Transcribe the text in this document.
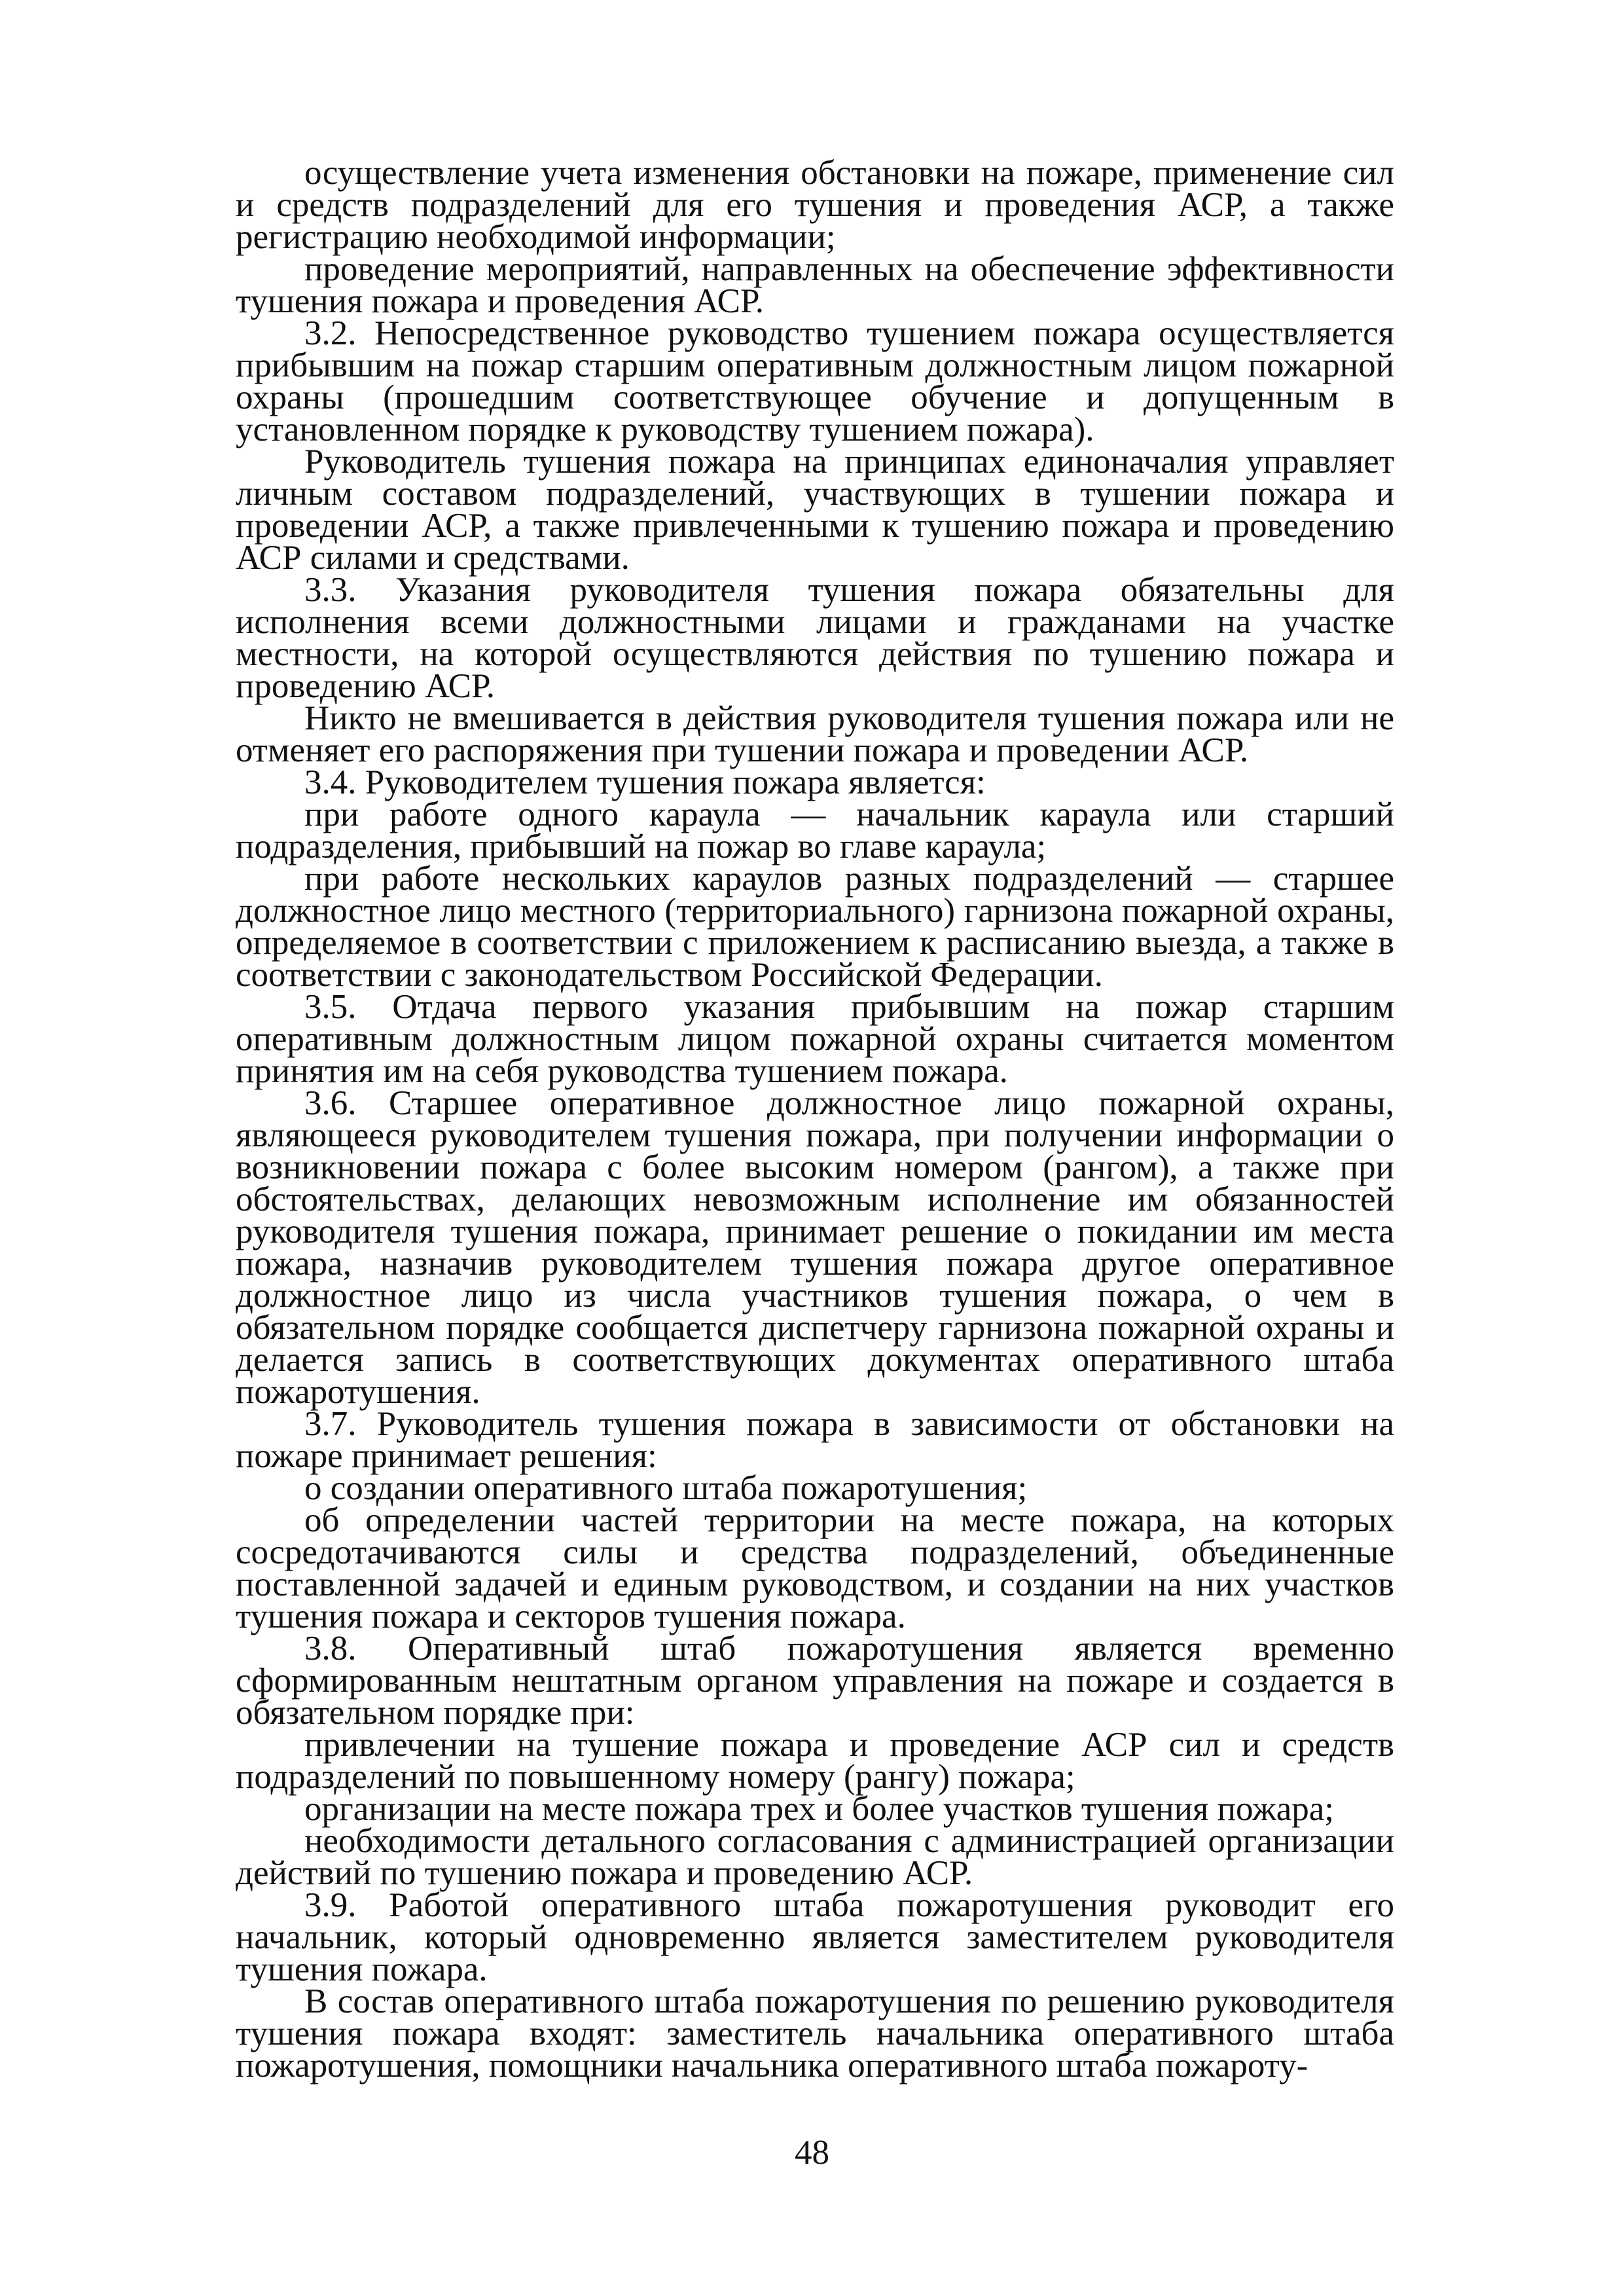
осуществление учета изменения обстановки на пожаре, применение сил и средств подразделений для его тушения и проведения АСР, а также регистрацию необходимой информации;

проведение мероприятий, направленных на обеспечение эффективности тушения пожара и проведения АСР.

3.2. Непосредственное руководство тушением пожара осуществляется прибывшим на пожар старшим оперативным должностным лицом пожарной охраны (прошедшим соответствующее обучение и допущенным в установленном порядке к руководству тушением пожара).

Руководитель тушения пожара на принципах единоначалия управляет личным составом подразделений, участвующих в тушении пожара и проведении АСР, а также привлеченными к тушению пожара и проведению АСР силами и средствами.

3.3. Указания руководителя тушения пожара обязательны для исполнения всеми должностными лицами и гражданами на участке местности, на которой осуществляются действия по тушению пожара и проведению АСР.

Никто не вмешивается в действия руководителя тушения пожара или не отменяет его распоряжения при тушении пожара и проведении АСР.

3.4. Руководителем тушения пожара является:

при работе одного караула — начальник караула или старший подразделения, прибывший на пожар во главе караула;

при работе нескольких караулов разных подразделений — старшее должностное лицо местного (территориального) гарнизона пожарной охраны, определяемое в соответствии с приложением к расписанию выезда, а также в соответствии с законодательством Российской Федерации.

3.5. Отдача первого указания прибывшим на пожар старшим оперативным должностным лицом пожарной охраны считается моментом принятия им на себя руководства тушением пожара.

3.6. Старшее оперативное должностное лицо пожарной охраны, являющееся руководителем тушения пожара, при получении информации о возникновении пожара с более высоким номером (рангом), а также при обстоятельствах, делающих невозможным исполнение им обязанностей руководителя тушения пожара, принимает решение о покидании им места пожара, назначив руководителем тушения пожара другое оперативное должностное лицо из числа участников тушения пожара, о чем в обязательном порядке сообщается диспетчеру гарнизона пожарной охраны и делается запись в соответствующих документах оперативного штаба пожаротушения.

3.7. Руководитель тушения пожара в зависимости от обстановки на пожаре принимает решения:

о создании оперативного штаба пожаротушения;

об определении частей территории на месте пожара, на которых сосредотачиваются силы и средства подразделений, объединенные поставленной задачей и единым руководством, и создании на них участков тушения пожара и секторов тушения пожара.

3.8. Оперативный штаб пожаротушения является временно сформированным нештатным органом управления на пожаре и создается в обязательном порядке при:

привлечении на тушение пожара и проведение АСР сил и средств подразделений по повышенному номеру (рангу) пожара;

организации на месте пожара трех и более участков тушения пожара;

необходимости детального согласования с администрацией организации действий по тушению пожара и проведению АСР.

3.9. Работой оперативного штаба пожаротушения руководит его начальник, который одновременно является заместителем руководителя тушения пожара.

В состав оперативного штаба пожаротушения по решению руководителя тушения пожара входят: заместитель начальника оперативного штаба пожаротушения, помощники начальника оперативного штаба пожароту-

48
